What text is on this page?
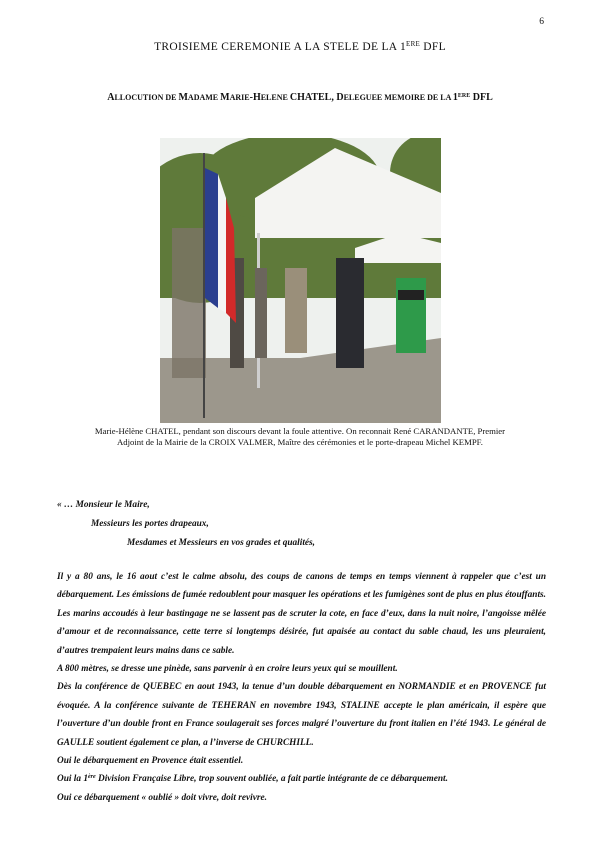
6
TROISIEME CEREMONIE A LA STELE DE LA 1ERE DFL
ALLOCUTION DE MADAME MARIE-HELENE CHATEL, DELEGUEE MEMOIRE DE LA 1ERE DFL
Marie-Hélène CHATEL, pendant son discours devant la foule attentive. On reconnait René CARANDANTE, Premier
Adjoint de la Mairie de la CROIX VALMER, Maître des cérémonies et le porte-drapeau Michel KEMPF.
« … Monsieur le Maire,
Messieurs les portes drapeaux,
Mesdames et Messieurs en vos grades et qualités,

Il y a 80 ans, le 16 aout c’est le calme absolu, des coups de canons de temps en temps viennent à rappeler que c’est un débarquement. Les émissions de fumée redoublent pour masquer les opérations et les fumigènes sont de plus en plus étouffants. Les marins accoudés à leur bastingage ne se lassent pas de scruter la cote, en face d’eux, dans la nuit noire, l’angoisse mêlée d’amour et de reconnaissance, cette terre si longtemps désirée, fut apaisée au contact du sable chaud, les uns pleuraient, d’autres trempaient leurs mains dans ce sable.

A 800 mètres, se dresse une pinède, sans parvenir à en croire leurs yeux qui se mouillent.

Dès la conférence de QUEBEC en aout 1943, la tenue d’un double débarquement en NORMANDIE et en PROVENCE fut évoquée. A la conférence suivante de TEHERAN en novembre 1943, STALINE accepte le plan américain, il espère que l’ouverture d’un double front en France soulagerait ses forces malgré l’ouverture du front italien en l’été 1943. Le général de GAULLE soutient également ce plan, a l’inverse de CHURCHILL.

Oui le débarquement en Provence était essentiel.

Oui la 1ère Division Française Libre, trop souvent oubliée, a fait partie intégrante de ce débarquement.

Oui ce débarquement « oublié » doit vivre, doit revivre.
